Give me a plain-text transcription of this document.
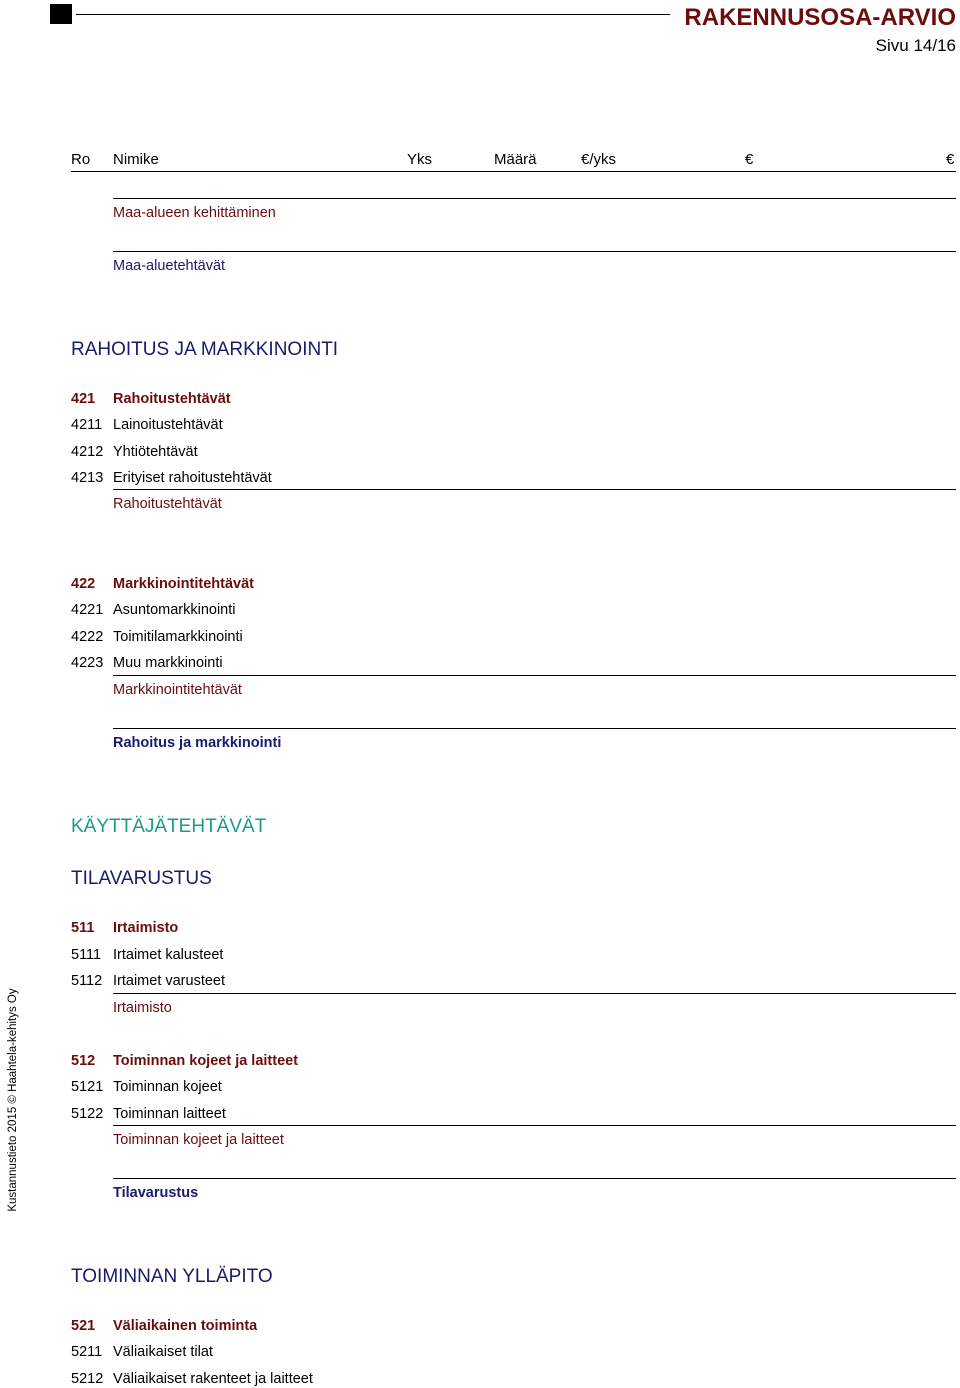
RAKENNUSOSA-ARVIO
Sivu 14/16
Ro Nimike	Yks	Määrä	€/yks	€	€
Maa-alueen kehittäminen
Maa-aluetehtävät
RAHOITUS JA MARKKINOINTI
421 Rahoitustehtävät
4211 Lainoitustehtävät
4212 Yhtiötehtävät
4213 Erityiset rahoitustehtävät
Rahoitustehtävät
422 Markkinointitehtävät
4221 Asuntomarkkinointi
4222 Toimitilamarkkinointi
4223 Muu markkinointi
Markkinointitehtävät
Rahoitus ja markkinointi
KÄYTTÄJÄTEHTÄVÄT
TILAVARUSTUS
511 Irtaimisto
5111 Irtaimet kalusteet
5112 Irtaimet varusteet
Irtaimisto
512 Toiminnan kojeet ja laitteet
5121 Toiminnan kojeet
5122 Toiminnan laitteet
Toiminnan kojeet ja laitteet
Tilavarustus
TOIMINNAN YLLÄPITO
521 Väliaikainen toiminta
5211 Väliaikaiset tilat
5212 Väliaikaiset rakenteet ja laitteet
Kustannustieto 2015 © Haahtela-kehitys Oy
